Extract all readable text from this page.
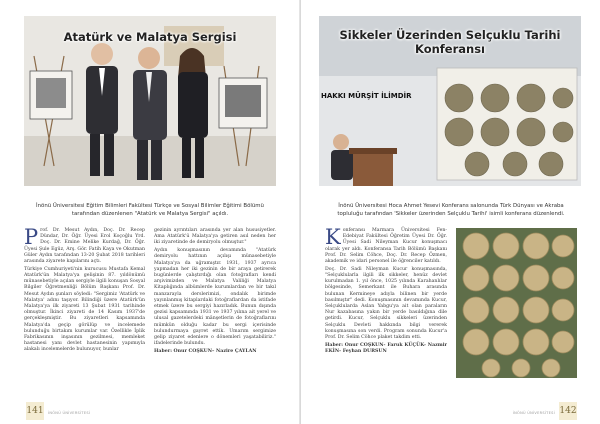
Atatürk ve Malatya Sergisi
İnönü Üniversitesi Eğitim Bilimleri Fakültesi Türkçe ve Sosyal Bilimler Eğitimi Bölümü tarafından düzenlenen "Atatürk ve Malatya Sergisi" açıldı.
P rof. Dr. Mesut Aydın, Doç. Dr. Recep Dündar, Dr. Öğr. Üyesi Erol Koçoğlu Yrd. Doç. Dr. Emine Melike Kurdağ, Dr. Öğr. Üyesi Şule Egüz, Arş. Gör. Fatih Kaya ve Okutman Güler Aydın tarafından 13-20 Şubat 2018 tarihleri arasında ziyarete kapılarını açtı.

Türkiye Cumhuriyeti'nin kurucusu Mustafa Kemal Atatürk'ün Malatya'ya gelişinin 87. yıldönümü münasebetiyle açılan sergiyle ilgili konuşan Sosyal Bilgiler Öğretmenliği Bölüm Başkanı Prof. Dr. Mesut Aydın şunları söyledi: "Sergimiz 'Atatürk ve Malatya' adını taşıyor. Bilindiği üzere Atatürk'ün Malatya'ya ilk ziyareti 13 Şubat 1931 tarihinde olmuştur. İkinci ziyareti de 14 Kasım 1937'de gerçekleşmiştir. Bu ziyaretleri kapsamında Malatya'da geçip görülüp ve incelemede bulunduğu birtakım kurumlar var. Özellikle İplik Fabrikasının inşasının gezilmesi, memleket hastanesi yanı devlet hastanesinin yapımıyla alakalı incelemelerde bulunuyor, bunlar

gezinin ayrıntıları arasında yer alan hususiyetler. Ama Atatürk'ü Malatya'ya getiren asıl neden her iki ziyaretinde de demiryolu olmuştur."

Aydın konuşmasının devamında "Atatürk demiryolu hattının açılışı münasebetiyle Malatya'ya da uğramıştır. 1931, 1937 ayrıca yapmadan her iki gezinin de bir araya getirerek bugünlerde çalıştırdığı olan fotoğrafları kendi arşivimizden ve Malatya Valiliği Malatya Kitaplığında albümlerde kurumlardan ve bir takıl manzarayla derslerimizi, ondalık birimde yayınlanmış kitaplardaki fotoğraflardan da istifade etmek üzere bu sergiyi hazırladık. Bunun dışında gezisi kapsamında 1931 ve 1937 yılına ait yerel ve ulusal gazetelerdeki mânşetlerin de fotoğraflarını mümkün olduğu kadar bu sergi içerisinde bulundurmaya gayret ettik. Umarım sergimize gelip ziyaret edenlere o dönemleri yaşatabiliriz." ifadelerinde bulundu.

Haber: Onur COŞKUN– Nazire ÇAYLAN

141 İNÖNÜ ÜNİVERSİTESİ
HAKKI MÜRŞİT İLİMDİR
Sikkeler Üzerinden Selçuklu Tarihi
Konferansı
İnönü Üniversitesi Hoca Ahmet Yesevi Konferans salonunda Türk Dünyası ve Akraba topluluğu tarafından 'Sikkeler üzerinden Selçuklu Tarihi' isimli konferans düzenlendi.
K onferansı Marmara Üniversitesi Fen-Edebiyat Fakültesi Öğretim Üyesi Dr. Öğr. Üyesi Sadi Nileyman Kucur konuşmacı olarak yer aldı. Konferansa Tarih Bölümü Başkanı Prof. Dr. Selim Cöhce, Doç. Dr. Recep Özmen, akademik ve idari personel ile öğrenciler katıldı.

Doç. Dr. Sadi Nileyman Kucur konuşmasında, "Selçuklularla ilgili ilk sikkeler, henüz devlet kurulmadan 1. yıl önce, 1025 yılında Karahanlılar bölgesinde, Semerkant ile Buhara arasında bulunan Kermineye adıyla bilinen bir yerde basılmıştır" dedi. Konuşmasının devamında Kucur, Selçuklularda Aslan Yabgu'ya ait olan paraların Nur kazabasına yakın bir yerde basıldığına dile getirdi. Kucur, Selçuklu sikkeleri üzerinden Selçuklu Devleti hakkında bilgi vererek konuşmasına son verdi. Program sonunda Kucur'a Prof. Dr. Selim Cöhce plaket takdim etti.

Haber: Onur COŞKUN- Faruk KÜÇÜK- Nazmir EKİN- Feyhan DURSUN

İNÖNÜ ÜNİVERSİTESİ 142
